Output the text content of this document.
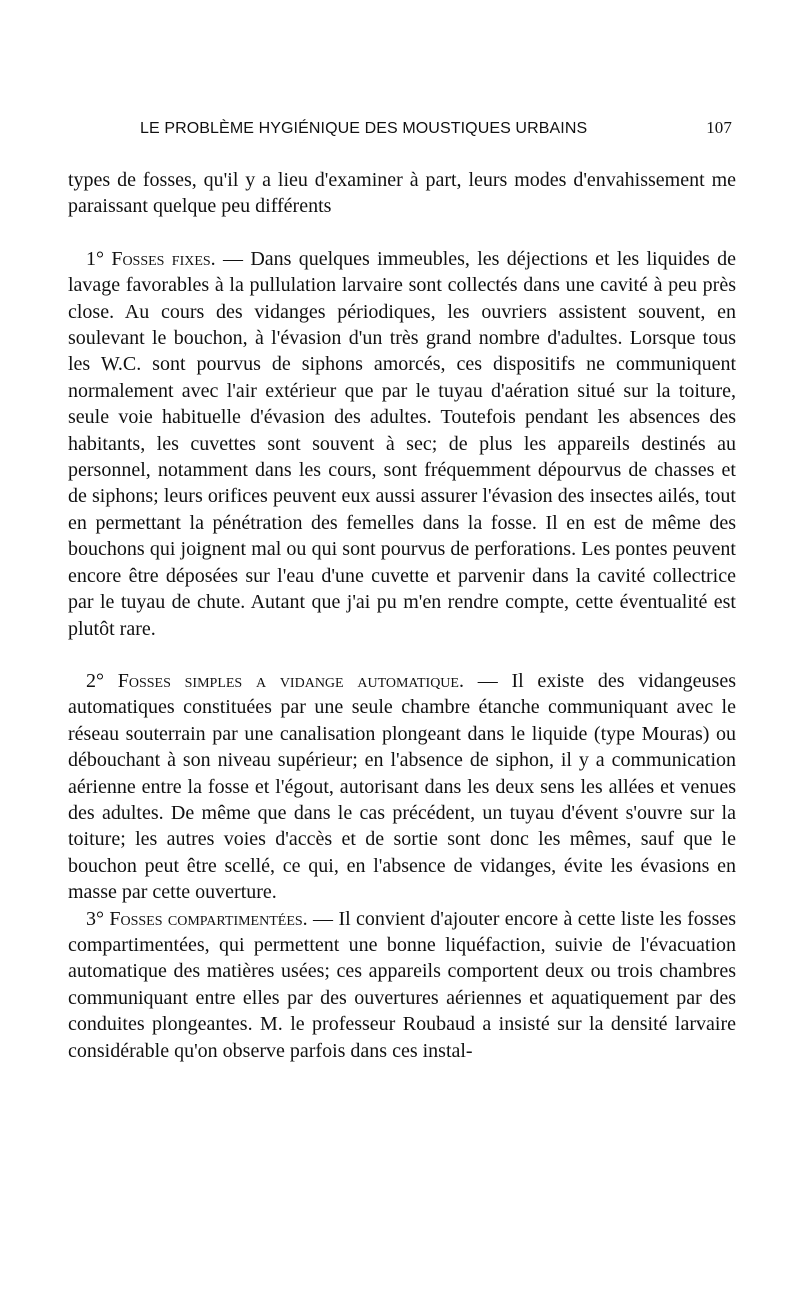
LE PROBLÈME HYGIÉNIQUE DES MOUSTIQUES URBAINS	107

types de fosses, qu'il y a lieu d'examiner à part, leurs modes d'envahissement me paraissant quelque peu différents

1° Fosses fixes. — Dans quelques immeubles, les déjections et les liquides de lavage favorables à la pullulation larvaire sont collectés dans une cavité à peu près close. Au cours des vidanges périodiques, les ouvriers assistent souvent, en soulevant le bouchon, à l'évasion d'un très grand nombre d'adultes. Lorsque tous les W.C. sont pourvus de siphons amorcés, ces dispositifs ne communiquent normalement avec l'air extérieur que par le tuyau d'aération situé sur la toiture, seule voie habituelle d'évasion des adultes. Toutefois pendant les absences des habitants, les cuvettes sont souvent à sec; de plus les appareils destinés au personnel, notamment dans les cours, sont fréquemment dépourvus de chasses et de siphons; leurs orifices peuvent eux aussi assurer l'évasion des insectes ailés, tout en permettant la pénétration des femelles dans la fosse. Il en est de même des bouchons qui joignent mal ou qui sont pourvus de perforations. Les pontes peuvent encore être déposées sur l'eau d'une cuvette et parvenir dans la cavité collectrice par le tuyau de chute. Autant que j'ai pu m'en rendre compte, cette éventualité est plutôt rare.

2° Fosses simples a vidange automatique. — Il existe des vidangeuses automatiques constituées par une seule chambre étanche communiquant avec le réseau souterrain par une canalisation plongeant dans le liquide (type Mouras) ou débouchant à son niveau supérieur; en l'absence de siphon, il y a communication aérienne entre la fosse et l'égout, autorisant dans les deux sens les allées et venues des adultes. De même que dans le cas précédent, un tuyau d'évent s'ouvre sur la toiture; les autres voies d'accès et de sortie sont donc les mêmes, sauf que le bouchon peut être scellé, ce qui, en l'absence de vidanges, évite les évasions en masse par cette ouverture.

3° Fosses compartimentées. — Il convient d'ajouter encore à cette liste les fosses compartimentées, qui permettent une bonne liquéfaction, suivie de l'évacuation automatique des matières usées; ces appareils comportent deux ou trois chambres communiquant entre elles par des ouvertures aériennes et aquatiquement par des conduites plongeantes. M. le professeur Roubaud a insisté sur la densité larvaire considérable qu'on observe parfois dans ces instal-
